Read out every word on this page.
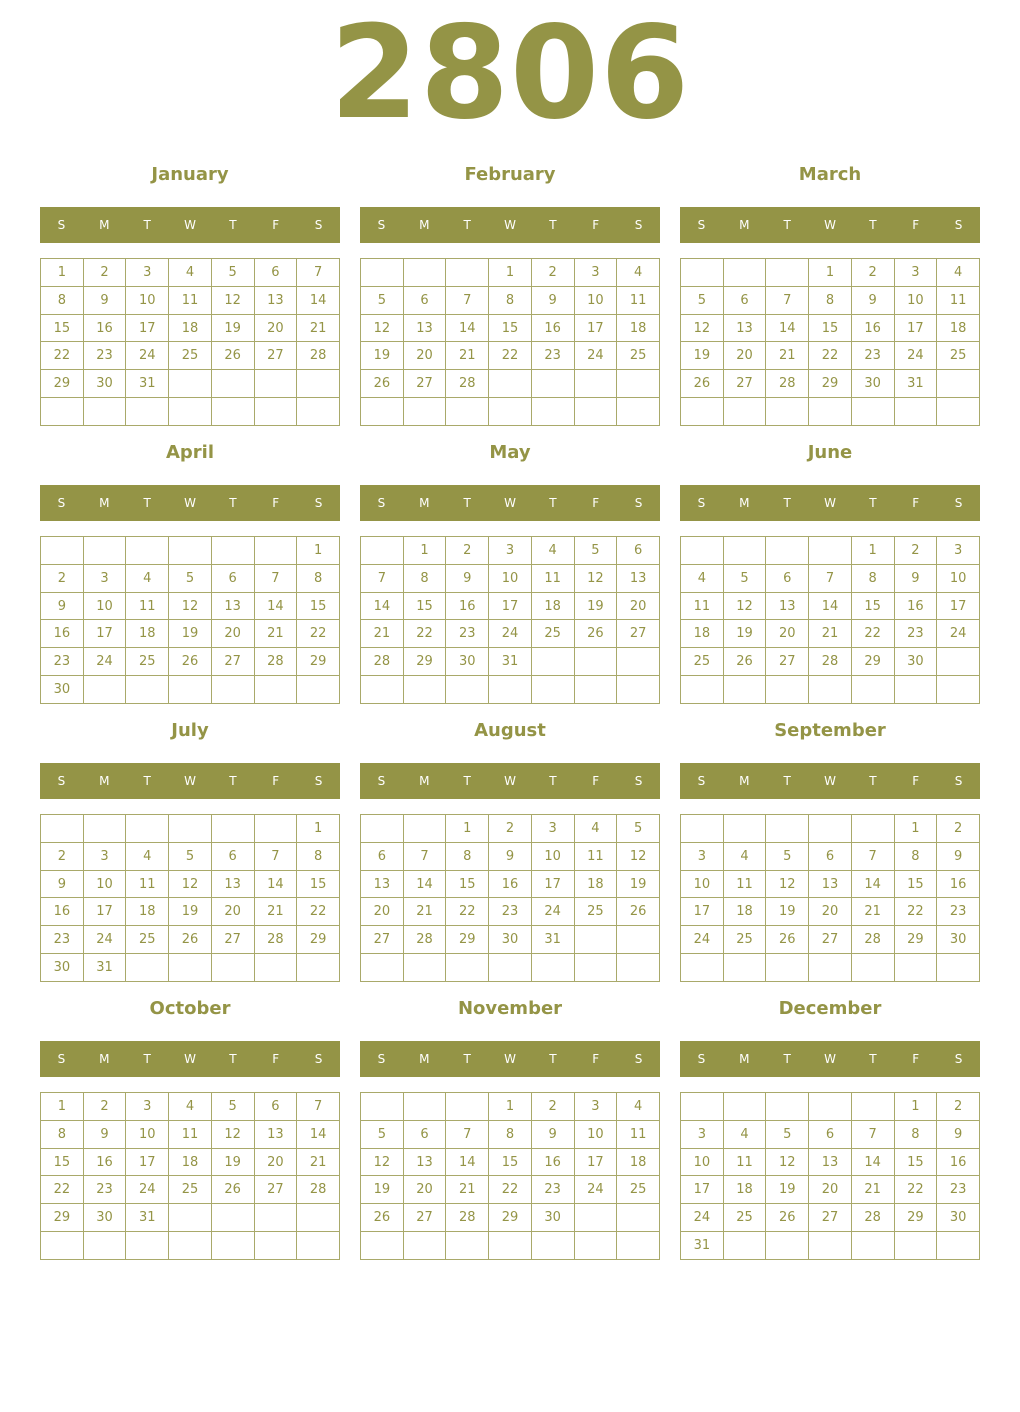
2806
January
S	M	T	W	T	F	S
1	2	3	4	5	6	7
8	9	10	11	12	13	14
15	16	17	18	19	20	21
22	23	24	25	26	27	28
29	30	31				

February
S	M	T	W	T	F	S
			1	2	3	4
5	6	7	8	9	10	11
12	13	14	15	16	17	18
19	20	21	22	23	24	25
26	27	28				

March
S	M	T	W	T	F	S
			1	2	3	4
5	6	7	8	9	10	11
12	13	14	15	16	17	18
19	20	21	22	23	24	25
26	27	28	29	30	31	

April
S	M	T	W	T	F	S
						1
2	3	4	5	6	7	8
9	10	11	12	13	14	15
16	17	18	19	20	21	22
23	24	25	26	27	28	29
30						
May
S	M	T	W	T	F	S
	1	2	3	4	5	6
7	8	9	10	11	12	13
14	15	16	17	18	19	20
21	22	23	24	25	26	27
28	29	30	31			

June
S	M	T	W	T	F	S
				1	2	3
4	5	6	7	8	9	10
11	12	13	14	15	16	17
18	19	20	21	22	23	24
25	26	27	28	29	30	

July
S	M	T	W	T	F	S
						1
2	3	4	5	6	7	8
9	10	11	12	13	14	15
16	17	18	19	20	21	22
23	24	25	26	27	28	29
30	31					
August
S	M	T	W	T	F	S
		1	2	3	4	5
6	7	8	9	10	11	12
13	14	15	16	17	18	19
20	21	22	23	24	25	26
27	28	29	30	31		

September
S	M	T	W	T	F	S
					1	2
3	4	5	6	7	8	9
10	11	12	13	14	15	16
17	18	19	20	21	22	23
24	25	26	27	28	29	30

October
S	M	T	W	T	F	S
1	2	3	4	5	6	7
8	9	10	11	12	13	14
15	16	17	18	19	20	21
22	23	24	25	26	27	28
29	30	31				

November
S	M	T	W	T	F	S
			1	2	3	4
5	6	7	8	9	10	11
12	13	14	15	16	17	18
19	20	21	22	23	24	25
26	27	28	29	30		

December
S	M	T	W	T	F	S
					1	2
3	4	5	6	7	8	9
10	11	12	13	14	15	16
17	18	19	20	21	22	23
24	25	26	27	28	29	30
31						
